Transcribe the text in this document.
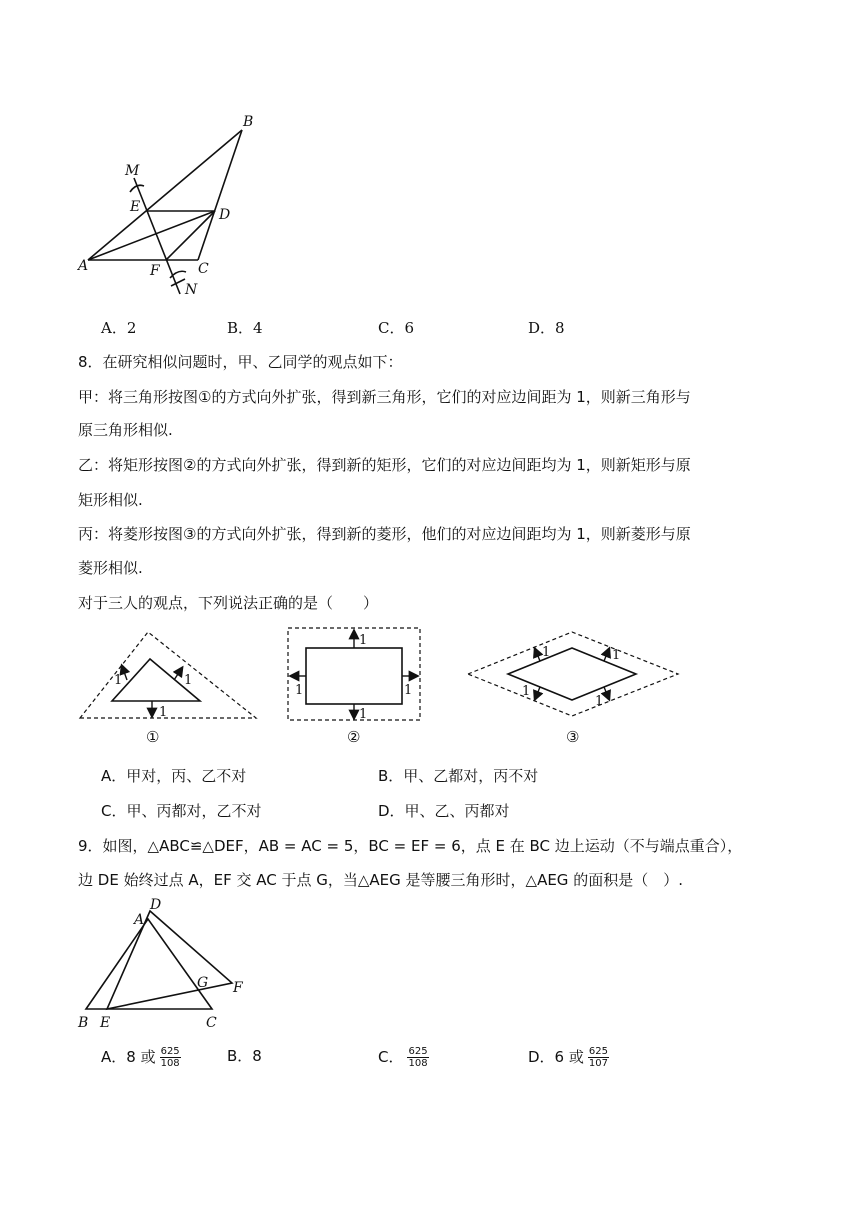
B
M
E	D
A	F	C
N
A．2	B．4	C．6	D．8
8．在研究相似问题时，甲、乙同学的观点如下：
甲：将三角形按图①的方式向外扩张，得到新三角形，它们的对应边间距为 1，则新三角形与
原三角形相似.
乙：将矩形按图②的方式向外扩张，得到新的矩形，它们的对应边间距均为 1，则新矩形与原
矩形相似.
丙：将菱形按图③的方式向外扩张，得到新的菱形，他们的对应边间距均为 1，则新菱形与原
菱形相似.
对于三人的观点，下列说法正确的是（　　）
1	1
1
①
1
1
1	1
②
1	1
1
1
③
A．甲对，丙、乙不对	B．甲、乙都对，丙不对
C．甲、丙都对，乙不对	D．甲、乙、丙都对
9．如图，△ABC≌△DEF，AB = AC = 5，BC = EF = 6，点 E 在 BC 边上运动（不与端点重合），
边 DE 始终过点 A，EF 交 AC 于点 G，当△AEG 是等腰三角形时，△AEG 的面积是（　）.
D
A
G F
B E	C
A．8 或 $\frac{625}{108}$	B．8	C． $\frac{625}{108}$	D．6 或 $\frac{625}{107}$
